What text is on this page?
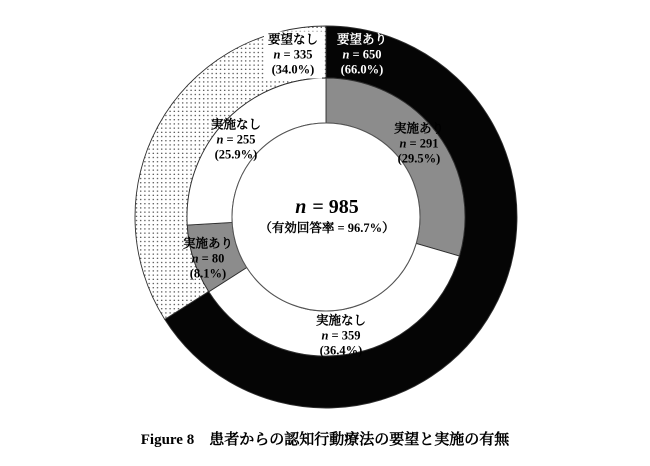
要望あり
n = 650
(66.0%)
要望なし
n = 335
(34.0%)
実施あり
n = 291
(29.5%)
実施なし
n = 359
(36.4%)
実施あり
n = 80
(8.1%)
実施なし
n = 255
(25.9%)
n = 985
（有効回答率 = 96.7%）
Figure 8　患者からの認知行動療法の要望と実施の有無
